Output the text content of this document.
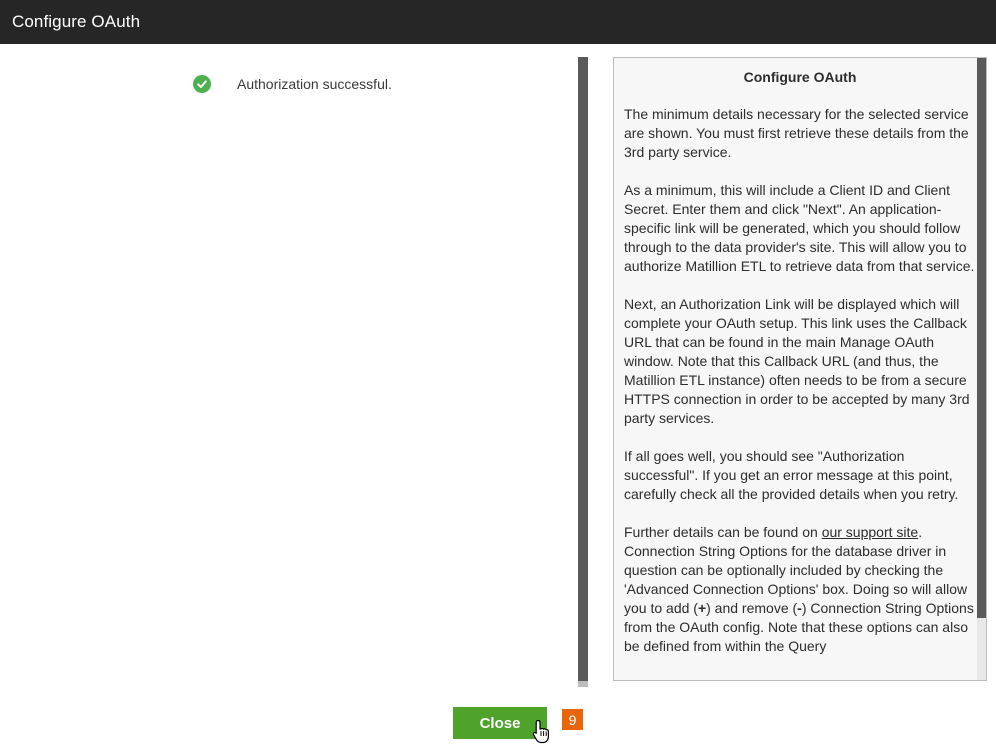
Configure OAuth
Authorization successful.	Configure OAuth

The minimum details necessary for the selected service are shown. You must first retrieve these details from the 3rd party service.

As a minimum, this will include a Client ID and Client Secret. Enter them and click "Next". An application-specific link will be generated, which you should follow through to the data provider's site. This will allow you to authorize Matillion ETL to retrieve data from that service.

Next, an Authorization Link will be displayed which will complete your OAuth setup. This link uses the Callback URL that can be found in the main Manage OAuth window. Note that this Callback URL (and thus, the Matillion ETL instance) often needs to be from a secure HTTPS connection in order to be accepted by many 3rd party services.

If all goes well, you should see "Authorization successful". If you get an error message at this point, carefully check all the provided details when you retry.

Further details can be found on our support site. Connection String Options for the database driver in question can be optionally included by checking the 'Advanced Connection Options' box. Doing so will allow you to add (+) and remove (-) Connection String Options from the OAuth config. Note that these options can also be defined from within the Query

Close	9
